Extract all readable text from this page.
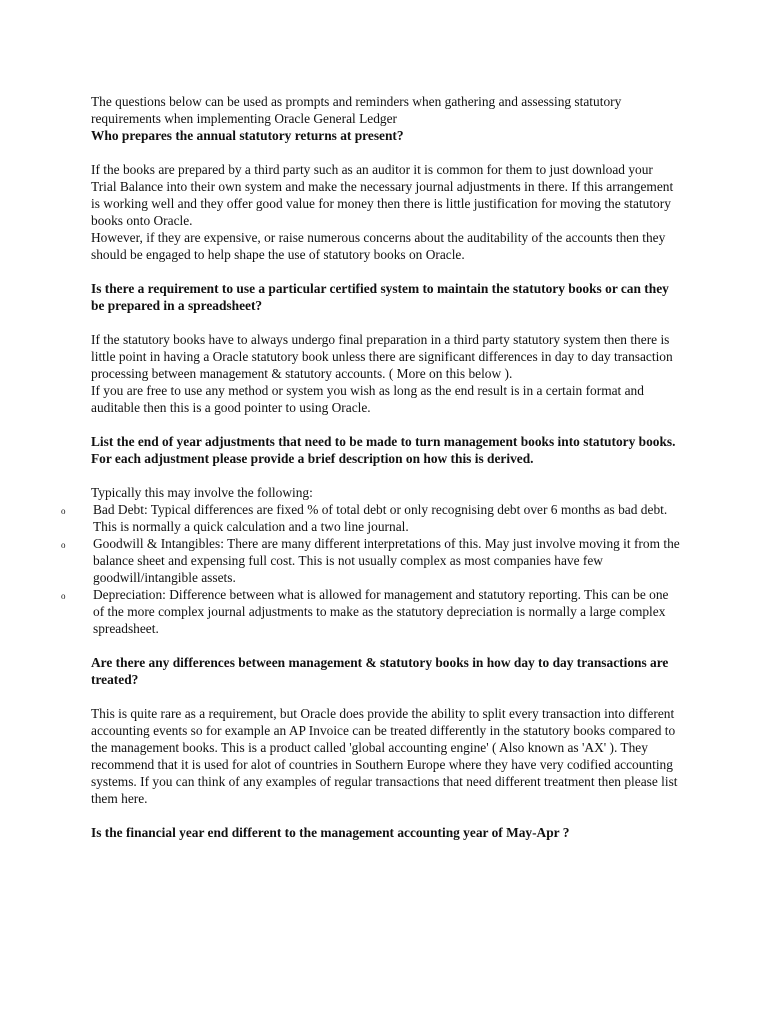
The questions below can be used as prompts and reminders when gathering and assessing statutory requirements when implementing Oracle General Ledger

Who prepares the annual statutory returns at present?

If the books are prepared by a third party such as an auditor it is common for them to just download your Trial Balance into their own system and make the necessary journal adjustments in there. If this arrangement is working well and they offer good value for money then there is little justification for moving the statutory books onto Oracle.

However, if they are expensive, or raise numerous concerns about the auditability of the accounts then they should be engaged to help shape the use of statutory books on Oracle.

Is there a requirement to use a particular certified system to maintain the statutory books or can they be prepared in a spreadsheet?

If the statutory books have to always undergo final preparation in a third party statutory system then there is little point in having a Oracle statutory book unless there are significant differences in day to day transaction processing between management & statutory accounts. ( More on this below ).

If you are free to use any method or system you wish as long as the end result is in a certain format and auditable then this is a good pointer to using Oracle.

List the end of year adjustments that need to be made to turn management books into statutory books. For each adjustment please provide a brief description on how this is derived.

Typically this may involve the following:

o Bad Debt: Typical differences are fixed % of total debt or only recognising debt over 6 months as bad debt. This is normally a quick calculation and a two line journal.
o Goodwill & Intangibles: There are many different interpretations of this. May just involve moving it from the balance sheet and expensing full cost. This is not usually complex as most companies have few goodwill/intangible assets.
o Depreciation: Difference between what is allowed for management and statutory reporting. This can be one of the more complex journal adjustments to make as the statutory depreciation is normally a large complex spreadsheet.

Are there any differences between management & statutory books in how day to day transactions are treated?

This is quite rare as a requirement, but Oracle does provide the ability to split every transaction into different accounting events so for example an AP Invoice can be treated differently in the statutory books compared to the management books. This is a product called 'global accounting engine' ( Also known as 'AX' ). They recommend that it is used for alot of countries in Southern Europe where they have very codified accounting systems. If you can think of any examples of regular transactions that need different treatment then please list them here.

Is the financial year end different to the management accounting year of May-Apr ?
